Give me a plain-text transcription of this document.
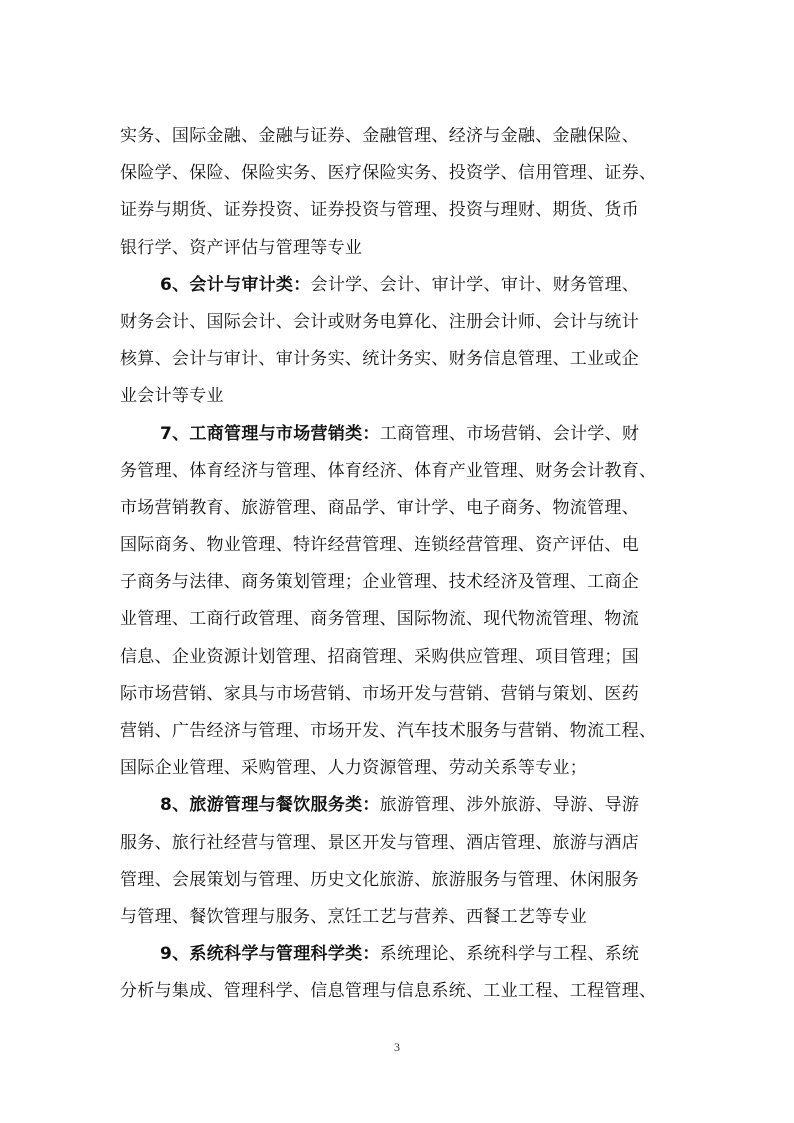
实务、国际金融、金融与证券、金融管理、经济与金融、金融保险、
保险学、保险、保险实务、医疗保险实务、投资学、信用管理、证券、
证券与期货、证券投资、证券投资与管理、投资与理财、期货、货币
银行学、资产评估与管理等专业
6、会计与审计类：会计学、会计、审计学、审计、财务管理、
财务会计、国际会计、会计或财务电算化、注册会计师、会计与统计
核算、会计与审计、审计务实、统计务实、财务信息管理、工业或企
业会计等专业
7、工商管理与市场营销类：工商管理、市场营销、会计学、财
务管理、体育经济与管理、体育经济、体育产业管理、财务会计教育、
市场营销教育、旅游管理、商品学、审计学、电子商务、物流管理、
国际商务、物业管理、特许经营管理、连锁经营管理、资产评估、电
子商务与法律、商务策划管理；企业管理、技术经济及管理、工商企
业管理、工商行政管理、商务管理、国际物流、现代物流管理、物流
信息、企业资源计划管理、招商管理、采购供应管理、项目管理；国
际市场营销、家具与市场营销、市场开发与营销、营销与策划、医药
营销、广告经济与管理、市场开发、汽车技术服务与营销、物流工程、
国际企业管理、采购管理、人力资源管理、劳动关系等专业；
8、旅游管理与餐饮服务类：旅游管理、涉外旅游、导游、导游
服务、旅行社经营与管理、景区开发与管理、酒店管理、旅游与酒店
管理、会展策划与管理、历史文化旅游、旅游服务与管理、休闲服务
与管理、餐饮管理与服务、烹饪工艺与营养、西餐工艺等专业
9、系统科学与管理科学类：系统理论、系统科学与工程、系统
分析与集成、管理科学、信息管理与信息系统、工业工程、工程管理、
3
